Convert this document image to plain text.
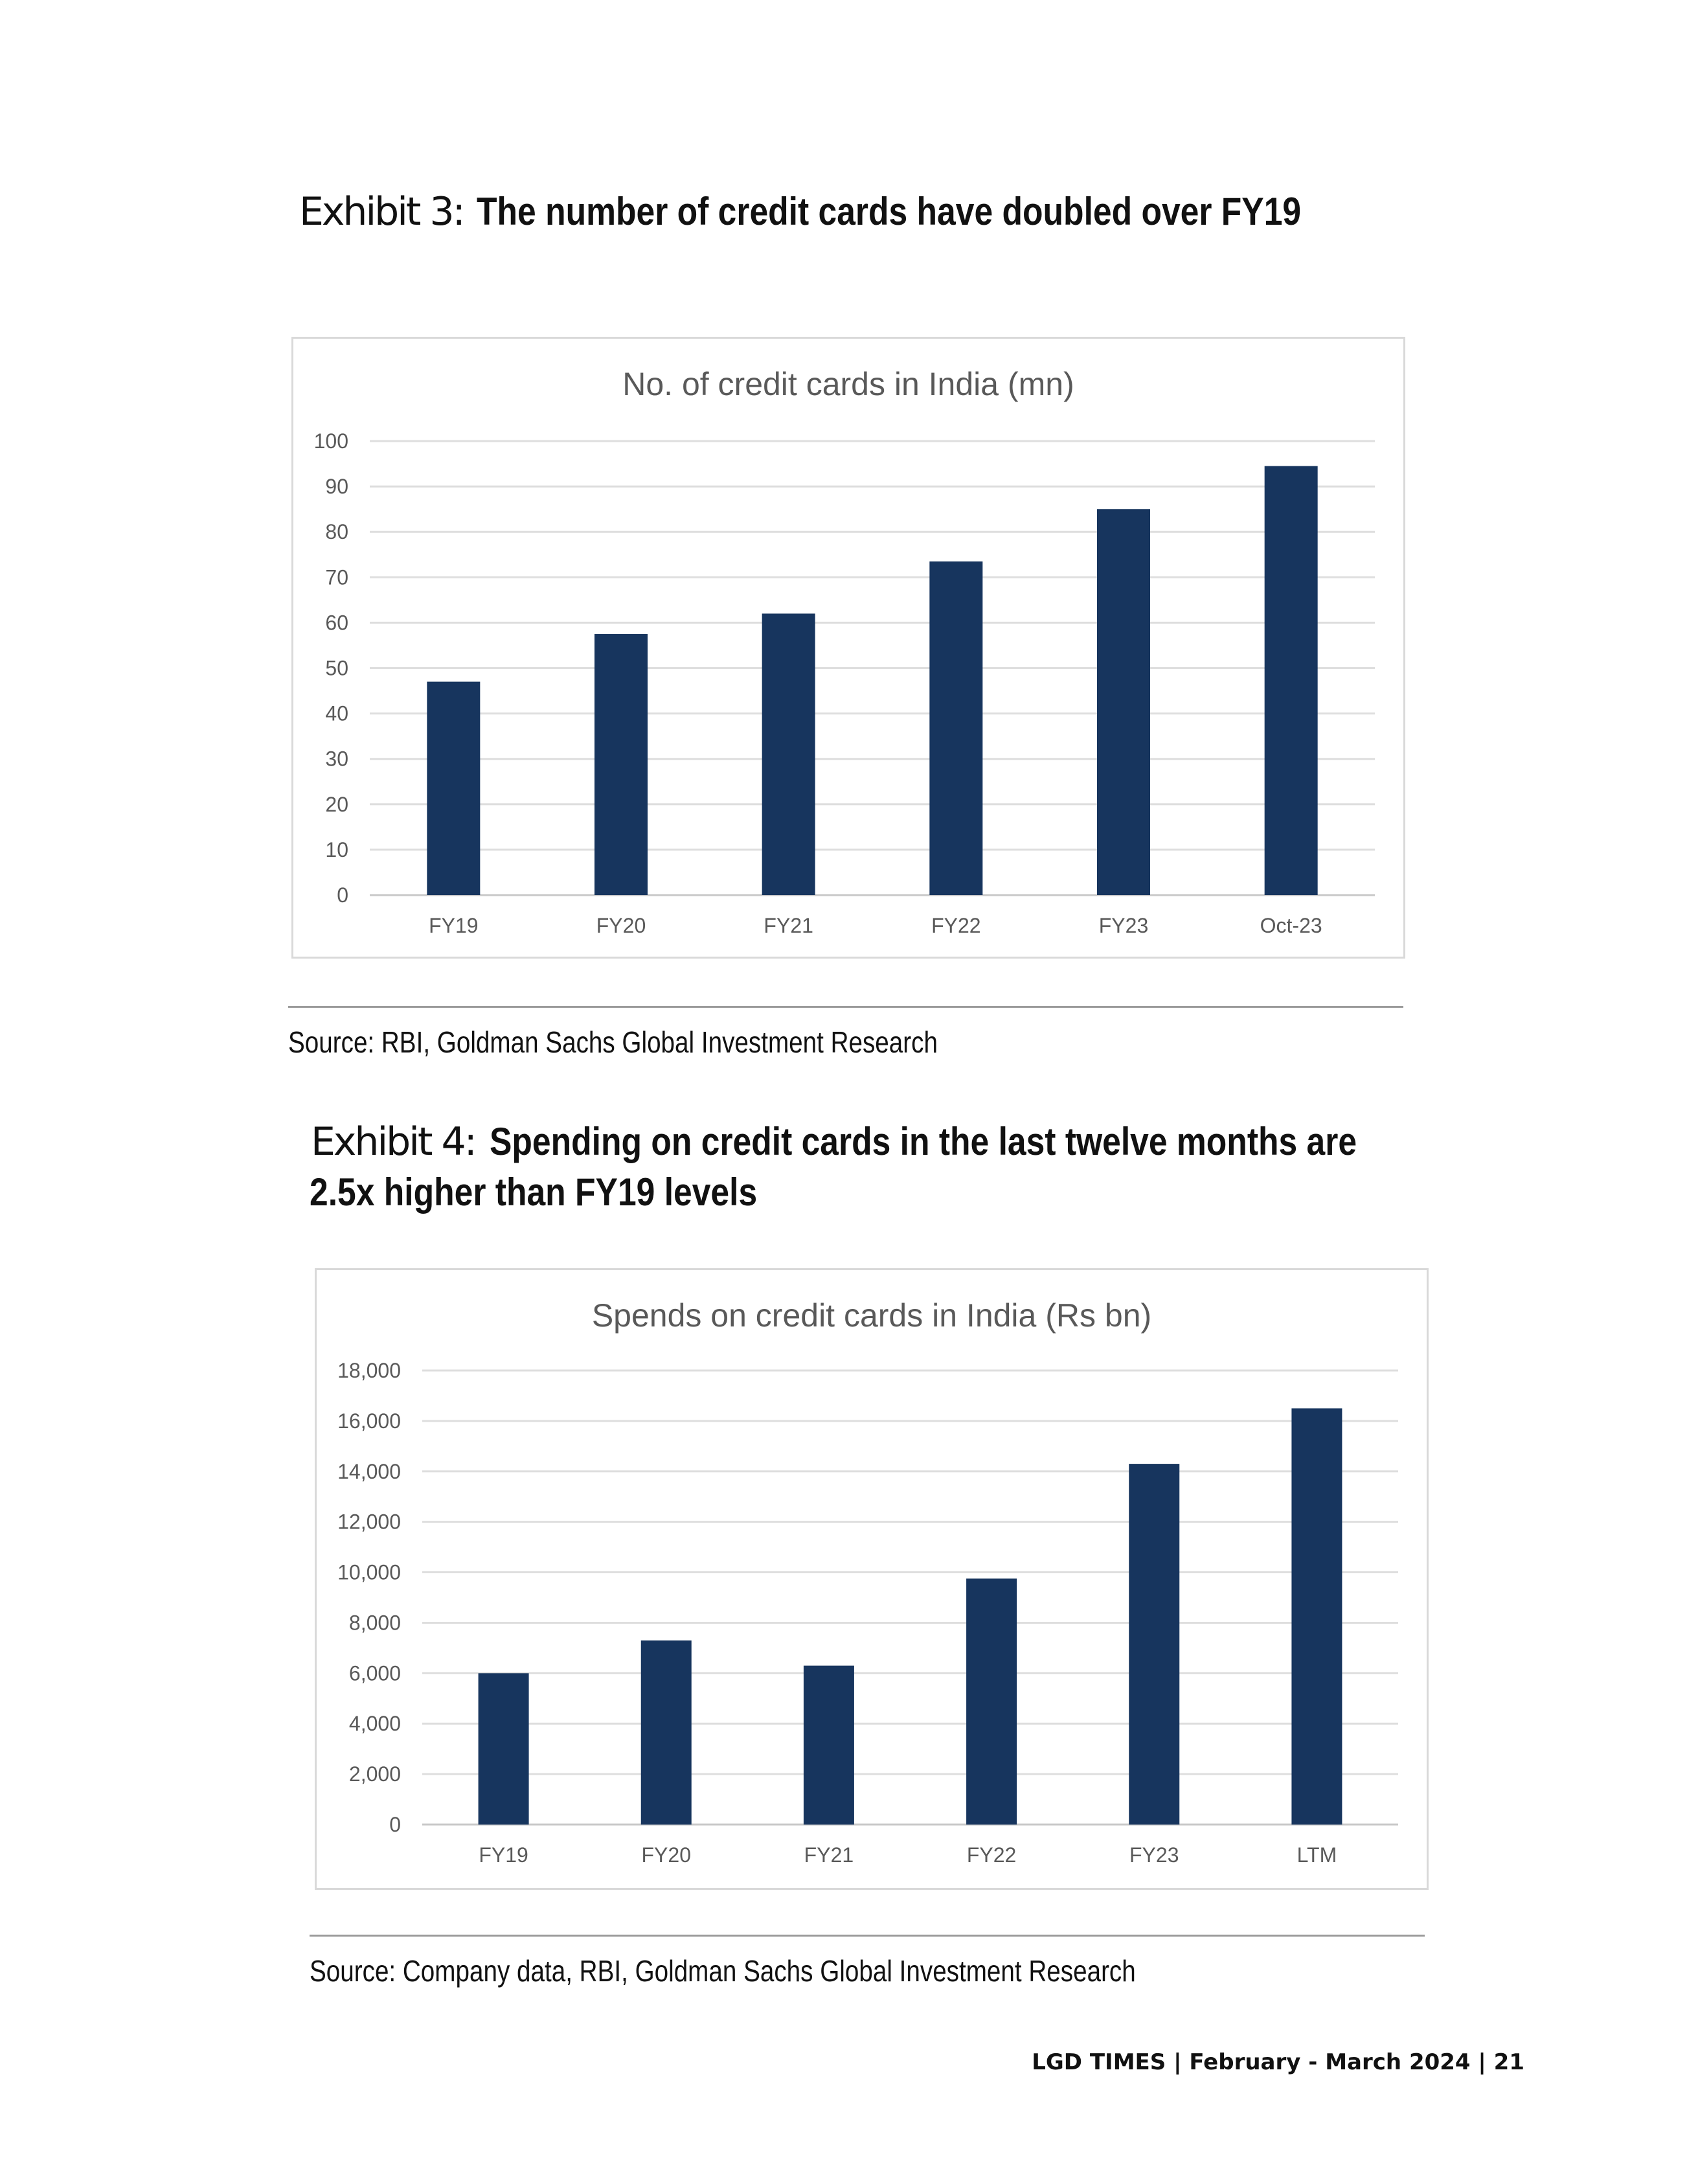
Exhibit 3: The number of credit cards have doubled over FY19
No. of credit cards in India (mn)
0
10
20
30
40
50
60
70
80
90
100
FY19	FY20	FY21	FY22	FY23	Oct-23
Source: RBI, Goldman Sachs Global Investment Research
Exhibit 4: Spending on credit cards in the last twelve months are
2.5x higher than FY19 levels
Spends on credit cards in India (Rs bn)
0
2,000
4,000
6,000
8,000
10,000
12,000
14,000
16,000
18,000
FY19	FY20	FY21	FY22	FY23	LTM
Source: Company data, RBI, Goldman Sachs Global Investment Research
LGD TIMES | February - March 2024 | 21
